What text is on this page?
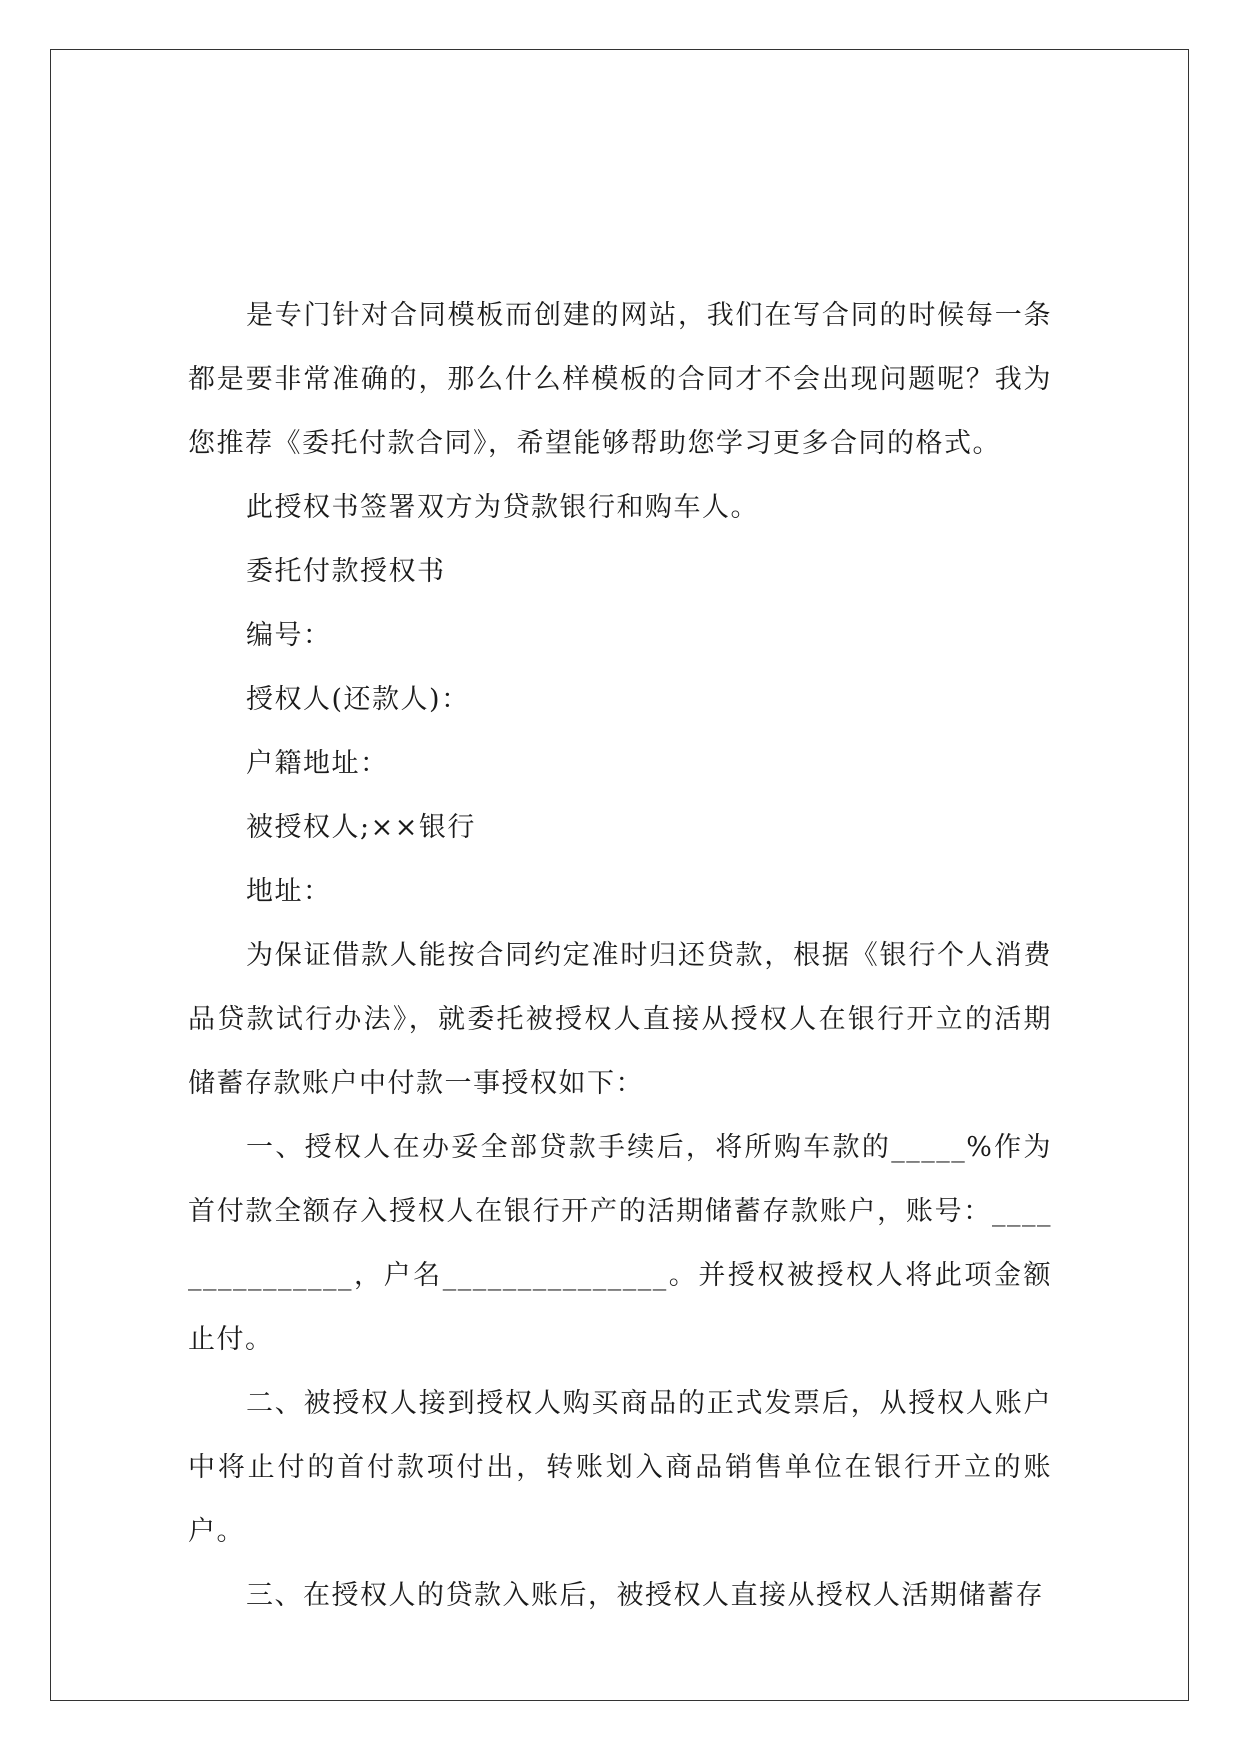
是专门针对合同模板而创建的网站，我们在写合同的时候每一条都是要非常准确的，那么什么样模板的合同才不会出现问题呢？我为您推荐《委托付款合同》，希望能够帮助您学习更多合同的格式。

此授权书签署双方为贷款银行和购车人。

委托付款授权书

编号：

授权人(还款人)：

户籍地址：

被授权人;××银行

地址：

为保证借款人能按合同约定准时归还贷款，根据《银行个人消费品贷款试行办法》，就委托被授权人直接从授权人在银行开立的活期储蓄存款账户中付款一事授权如下：

一、授权人在办妥全部贷款手续后，将所购车款的_____%作为首付款全额存入授权人在银行开产的活期储蓄存款账户，账号：_______________，户名_______________。并授权被授权人将此项金额止付。

二、被授权人接到授权人购买商品的正式发票后，从授权人账户中将止付的首付款项付出，转账划入商品销售单位在银行开立的账户。

三、在授权人的贷款入账后，被授权人直接从授权人活期储蓄存
